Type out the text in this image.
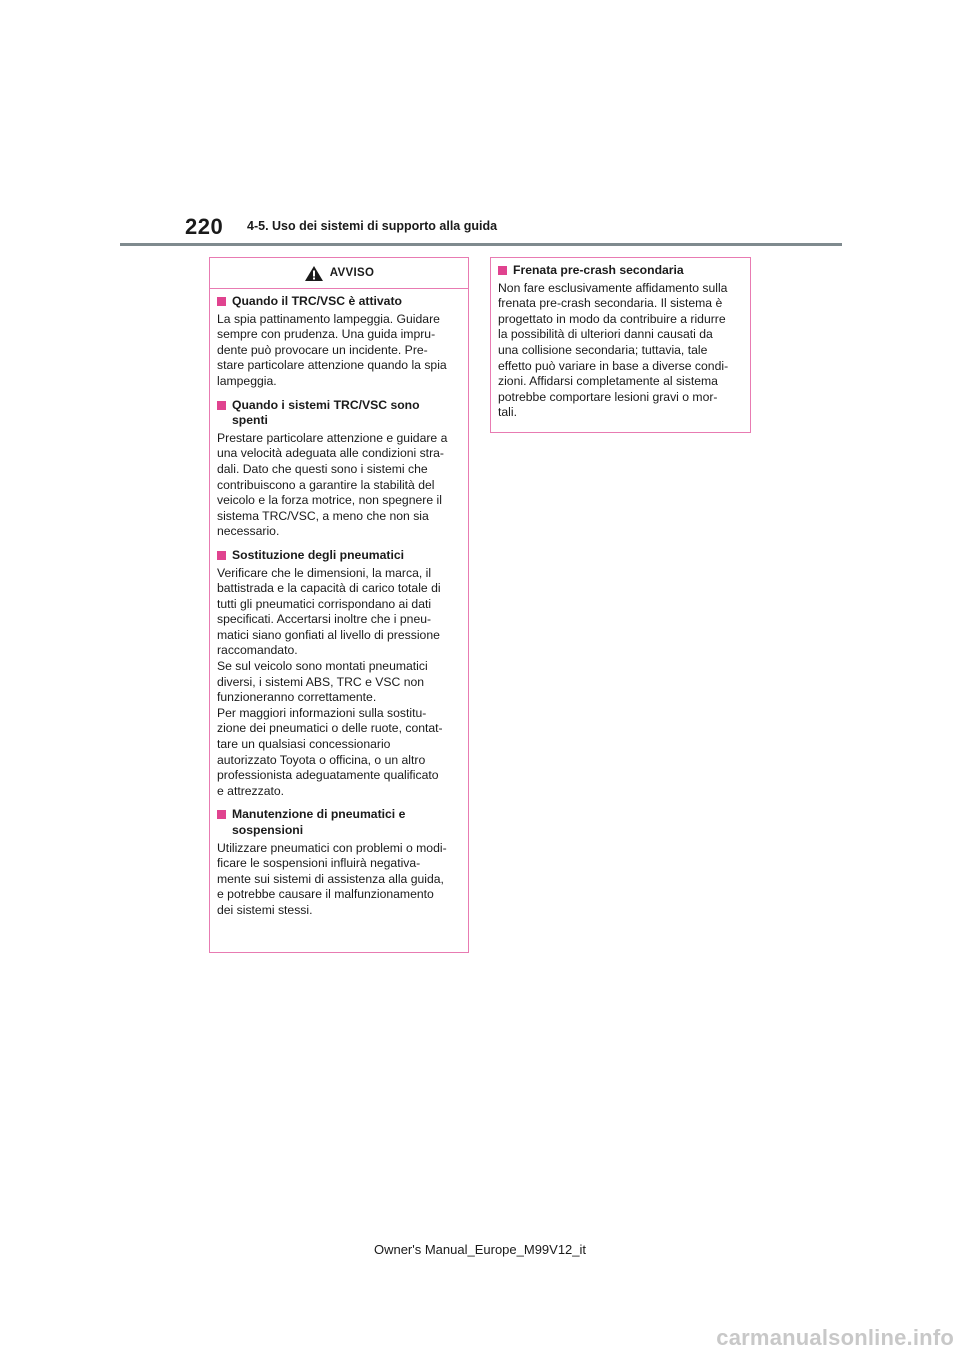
220 4-5. Uso dei sistemi di supporto alla guida
AVVISO
Quando il TRC/VSC è attivato
La spia pattinamento lampeggia. Guidare
sempre con prudenza. Una guida impru-
dente può provocare un incidente. Pre-
stare particolare attenzione quando la spia
lampeggia.
Quando i sistemi TRC/VSC sono
spenti
Prestare particolare attenzione e guidare a
una velocità adeguata alle condizioni stra-
dali. Dato che questi sono i sistemi che
contribuiscono a garantire la stabilità del
veicolo e la forza motrice, non spegnere il
sistema TRC/VSC, a meno che non sia
necessario.
Sostituzione degli pneumatici
Verificare che le dimensioni, la marca, il
battistrada e la capacità di carico totale di
tutti gli pneumatici corrispondano ai dati
specificati. Accertarsi inoltre che i pneu-
matici siano gonfiati al livello di pressione
raccomandato.
Se sul veicolo sono montati pneumatici
diversi, i sistemi ABS, TRC e VSC non
funzioneranno correttamente.
Per maggiori informazioni sulla sostitu-
zione dei pneumatici o delle ruote, contat-
tare un qualsiasi concessionario
autorizzato Toyota o officina, o un altro
professionista adeguatamente qualificato
e attrezzato.
Manutenzione di pneumatici e
sospensioni
Utilizzare pneumatici con problemi o modi-
ficare le sospensioni influirà negativa-
mente sui sistemi di assistenza alla guida,
e potrebbe causare il malfunzionamento
dei sistemi stessi.
Frenata pre-crash secondaria
Non fare esclusivamente affidamento sulla
frenata pre-crash secondaria. Il sistema è
progettato in modo da contribuire a ridurre
la possibilità di ulteriori danni causati da
una collisione secondaria; tuttavia, tale
effetto può variare in base a diverse condi-
zioni. Affidarsi completamente al sistema
potrebbe comportare lesioni gravi o mor-
tali.
Owner's Manual_Europe_M99V12_it
carmanualsonline.info
